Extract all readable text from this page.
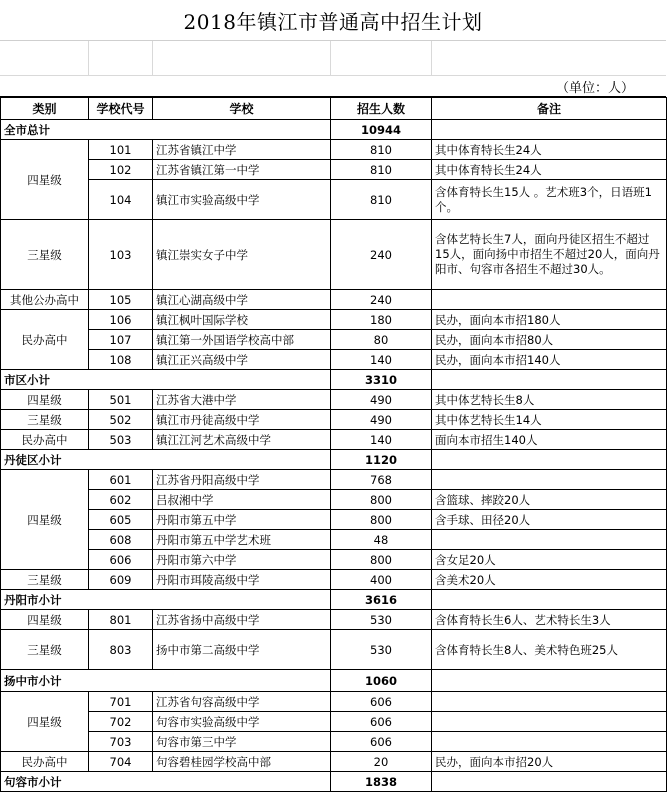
2018年镇江市普通高中招生计划
（单位：人）
类别	学校代号	学校	招生人数	备注
全市总计			10944	
四星级	101	江苏省镇江中学	810	其中体育特长生24人
	102	江苏省镇江第一中学	810	其中体育特长生24人
	104	镇江市实验高级中学	810	含体育特长生15人 。艺术班3个，日语班1个。
三星级	103	镇江崇实女子中学	240	含体艺特长生7人，面向丹徒区招生不超过15人，面向扬中市招生不超过20人，面向丹阳市、句容市各招生不超过30人。
其他公办高中	105	镇江心湖高级中学	240	
民办高中	106	镇江枫叶国际学校	180	民办，面向本市招180人
	107	镇江第一外国语学校高中部	80	民办，面向本市招80人
	108	镇江正兴高级中学	140	民办，面向本市招140人
市区小计			3310	
四星级	501	江苏省大港中学	490	其中体艺特长生8人
三星级	502	镇江市丹徒高级中学	490	其中体艺特长生14人
民办高中	503	镇江江河艺术高级中学	140	面向本市招生140人
丹徒区小计			1120	
四星级	601	江苏省丹阳高级中学	768	
	602	吕叔湘中学	800	含篮球、摔跤20人
	605	丹阳市第五中学	800	含手球、田径20人
	608	丹阳市第五中学艺术班	48	
	606	丹阳市第六中学	800	含女足20人
三星级	609	丹阳市珥陵高级中学	400	含美术20人
丹阳市小计			3616	
四星级	801	江苏省扬中高级中学	530	含体育特长生6人、艺术特长生3人
三星级	803	扬中市第二高级中学	530	含体育特长生8人、美术特色班25人
扬中市小计			1060	
四星级	701	江苏省句容高级中学	606	
	702	句容市实验高级中学	606	
	703	句容市第三中学	606	
民办高中	704	句容碧桂园学校高中部	20	民办，面向本市招20人
句容市小计			1838	
